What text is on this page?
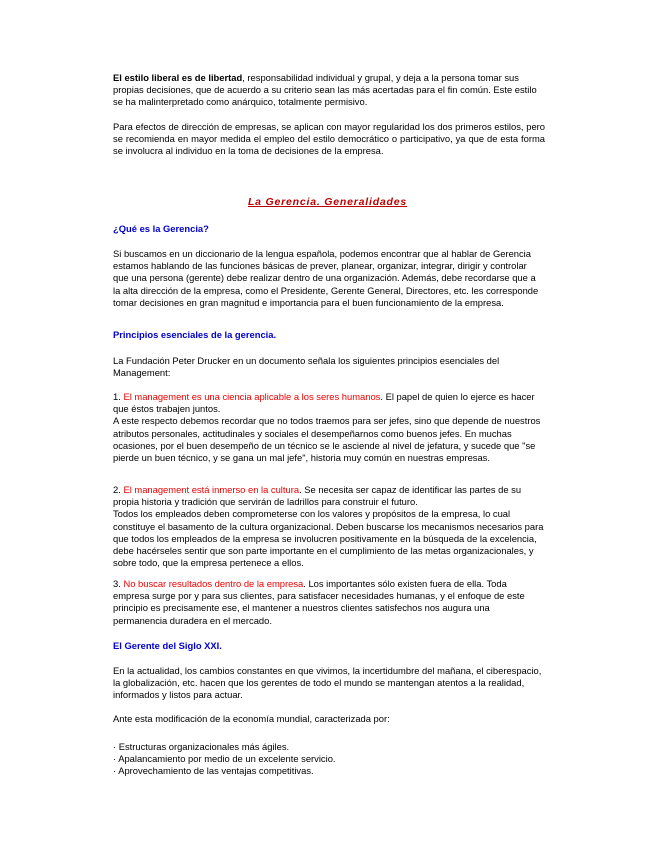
El estilo liberal es de libertad, responsabilidad individual y grupal, y deja a la persona tomar sus propias decisiones, que de acuerdo a su criterio sean las más acertadas para el fin común. Este estilo se ha malinterpretado como anárquico, totalmente permisivo.

Para efectos de dirección de empresas, se aplican con mayor regularidad los dos primeros estilos, pero se recomienda en mayor medida el empleo del estilo democrático o participativo, ya que de esta forma se involucra al individuo en la toma de decisiones de la empresa.

La Gerencia. Generalidades

¿Qué es la Gerencia?

Si buscamos en un diccionario de la lengua española, podemos encontrar que al hablar de Gerencia estamos hablando de las funciones básicas de prever, planear, organizar, integrar, dirigir y controlar que una persona (gerente) debe realizar dentro de una organización. Además, debe recordarse que a la alta dirección de la empresa, como el Presidente, Gerente General, Directores, etc. les corresponde tomar decisiones en gran magnitud e importancia para el buen funcionamiento de la empresa.

Principios esenciales de la gerencia.

La Fundación Peter Drucker en un documento señala los siguientes principios esenciales del Management:

1. El management es una ciencia aplicable a los seres humanos. El papel de quien lo ejerce es hacer que éstos trabajen juntos.

A este respecto debemos recordar que no todos traemos para ser jefes, sino que depende de nuestros atributos personales, actitudinales y sociales el desempeñarnos como buenos jefes. En muchas ocasiones, por el buen desempeño de un técnico se le asciende al nivel de jefatura, y sucede que "se pierde un buen técnico, y se gana un mal jefe", historia muy común en nuestras empresas.

2. El management está inmerso en la cultura. Se necesita ser capaz de identificar las partes de su propia historia y tradición que servirán de ladrillos para construir el futuro.

Todos los empleados deben comprometerse con los valores y propósitos de la empresa, lo cual constituye el basamento de la cultura organizacional. Deben buscarse los mecanismos necesarios para que todos los empleados de la empresa se involucren positivamente en la búsqueda de la excelencia, debe hacérseles sentir que son parte importante en el cumplimiento de las metas organizacionales, y sobre todo, que la empresa pertenece a ellos.

3. No buscar resultados dentro de la empresa. Los importantes sólo existen fuera de ella. Toda empresa surge por y para sus clientes, para satisfacer necesidades humanas, y el enfoque de este principio es precisamente ese, el mantener a nuestros clientes satisfechos nos augura una permanencia duradera en el mercado.

El Gerente del Siglo XXI.

En la actualidad, los cambios constantes en que vivimos, la incertidumbre del mañana, el ciberespacio, la globalización, etc. hacen que los gerentes de todo el mundo se mantengan atentos a la realidad, informados y listos para actuar.

Ante esta modificación de la economía mundial, caracterizada por:

· Estructuras organizacionales más ágiles.

· Apalancamiento por medio de un excelente servicio.

· Aprovechamiento de las ventajas competitivas.
